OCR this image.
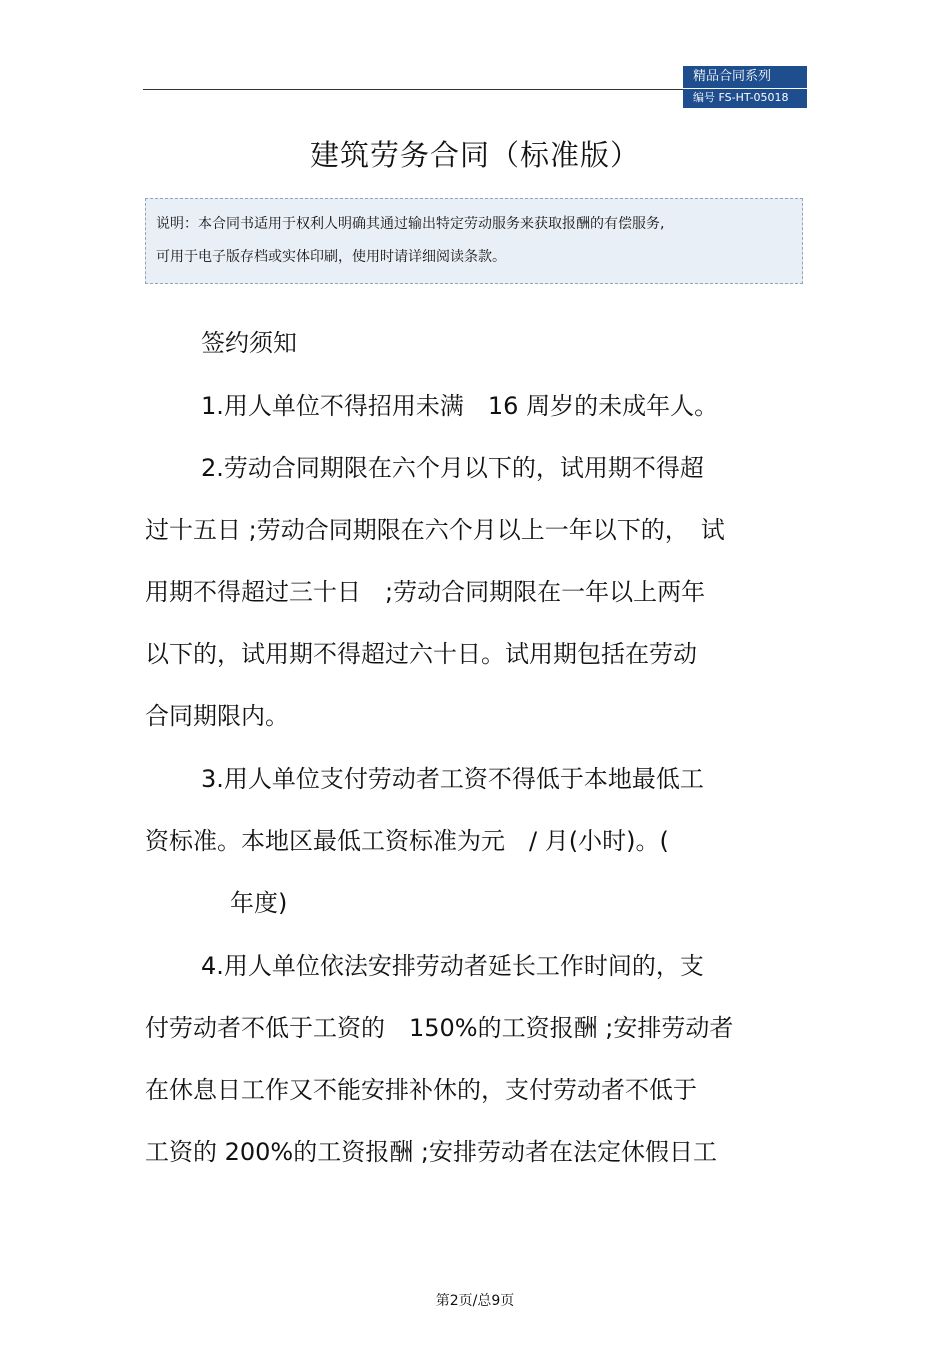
精品合同系列
编号 FS-HT-05018
建筑劳务合同（标准版）
说明：本合同书适用于权利人明确其通过输出特定劳动服务来获取报酬的有偿服务,
可用于电子版存档或实体印刷，使用时请详细阅读条款。
签约须知
1.用人单位不得招用未满　16 周岁的未成年人。
2.劳动合同期限在六个月以下的，试用期不得超
过十五日 ;劳动合同期限在六个月以上一年以下的，　试
用期不得超过三十日　;劳动合同期限在一年以上两年
以下的，试用期不得超过六十日。试用期包括在劳动
合同期限内。
3.用人单位支付劳动者工资不得低于本地最低工
资标准。本地区最低工资标准为元　/ 月(小时)。(
年度)
4.用人单位依法安排劳动者延长工作时间的，支
付劳动者不低于工资的　150%的工资报酬 ;安排劳动者
在休息日工作又不能安排补休的，支付劳动者不低于
工资的 200%的工资报酬 ;安排劳动者在法定休假日工
第2页/总9页
